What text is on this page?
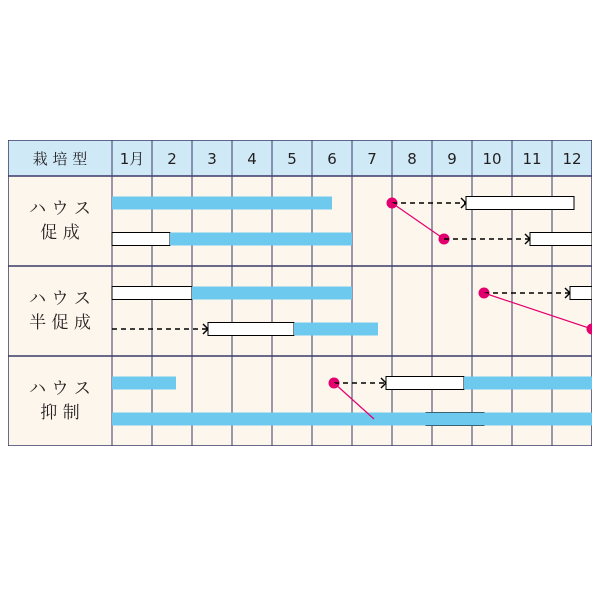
栽 培 型 1月 2 3 4 5 6 7 8 9 10 11 12
ハ ウ ス
促 成
ハ ウ ス
半 促 成
ハ ウ ス
抑 制
